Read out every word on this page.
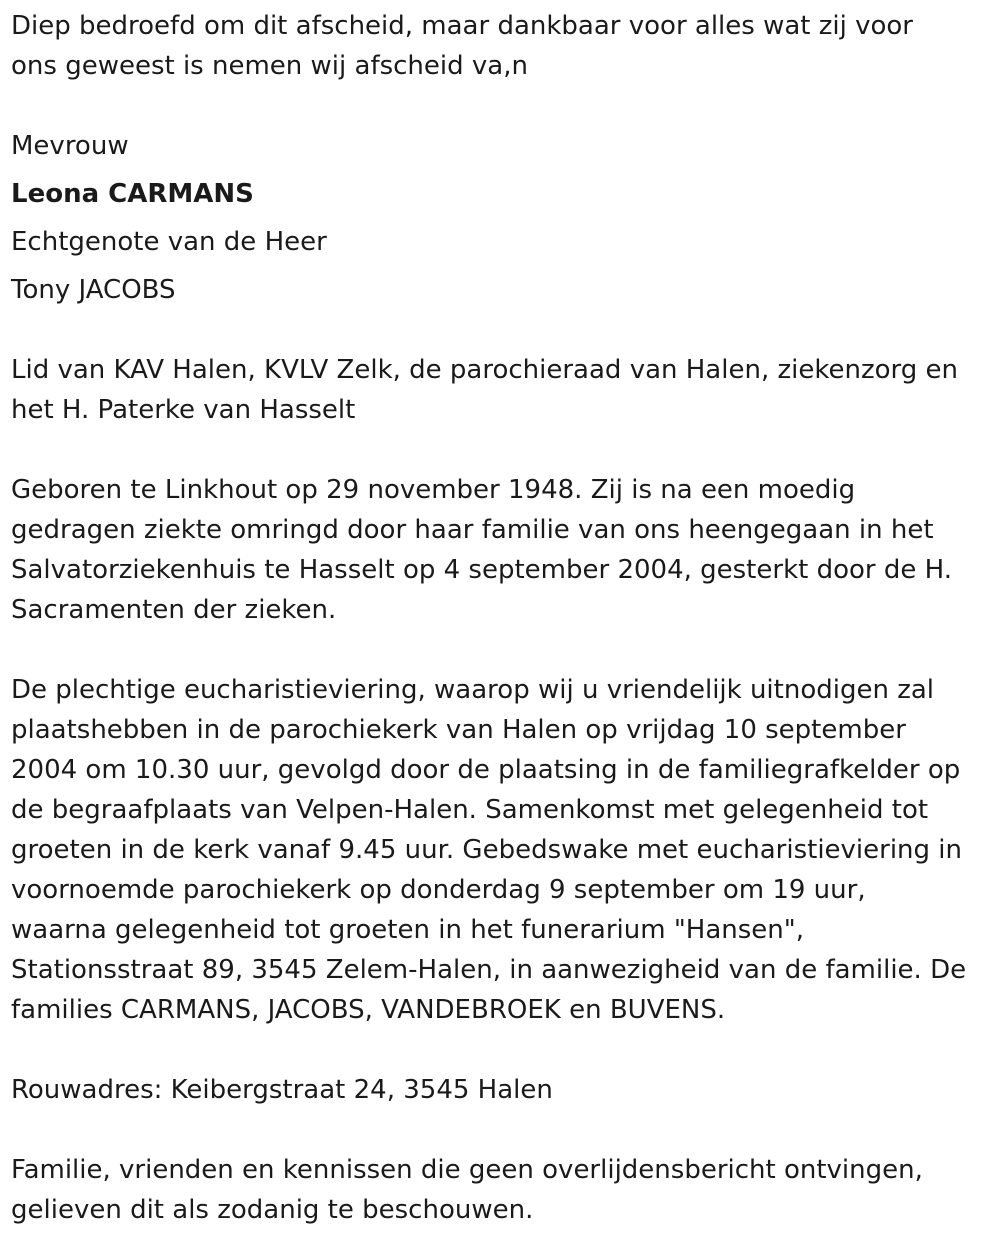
Diep bedroefd om dit afscheid, maar dankbaar voor alles wat zij voor
ons geweest is nemen wij afscheid va,n

Mevrouw

Leona CARMANS

Echtgenote van de Heer

Tony JACOBS

Lid van KAV Halen, KVLV Zelk, de parochieraad van Halen, ziekenzorg en
het H. Paterke van Hasselt

Geboren te Linkhout op 29 november 1948. Zij is na een moedig
gedragen ziekte omringd door haar familie van ons heengegaan in het
Salvatorziekenhuis te Hasselt op 4 september 2004, gesterkt door de H.
Sacramenten der zieken.

De plechtige eucharistieviering, waarop wij u vriendelijk uitnodigen zal
plaatshebben in de parochiekerk van Halen op vrijdag 10 september
2004 om 10.30 uur, gevolgd door de plaatsing in de familiegrafkelder op
de begraafplaats van Velpen-Halen. Samenkomst met gelegenheid tot
groeten in de kerk vanaf 9.45 uur. Gebedswake met eucharistieviering in
voornoemde parochiekerk op donderdag 9 september om 19 uur,
waarna gelegenheid tot groeten in het funerarium "Hansen",
Stationsstraat 89, 3545 Zelem-Halen, in aanwezigheid van de familie. De
families CARMANS, JACOBS, VANDEBROEK en BUVENS.

Rouwadres: Keibergstraat 24, 3545 Halen

Familie, vrienden en kennissen die geen overlijdensbericht ontvingen,
gelieven dit als zodanig te beschouwen.
